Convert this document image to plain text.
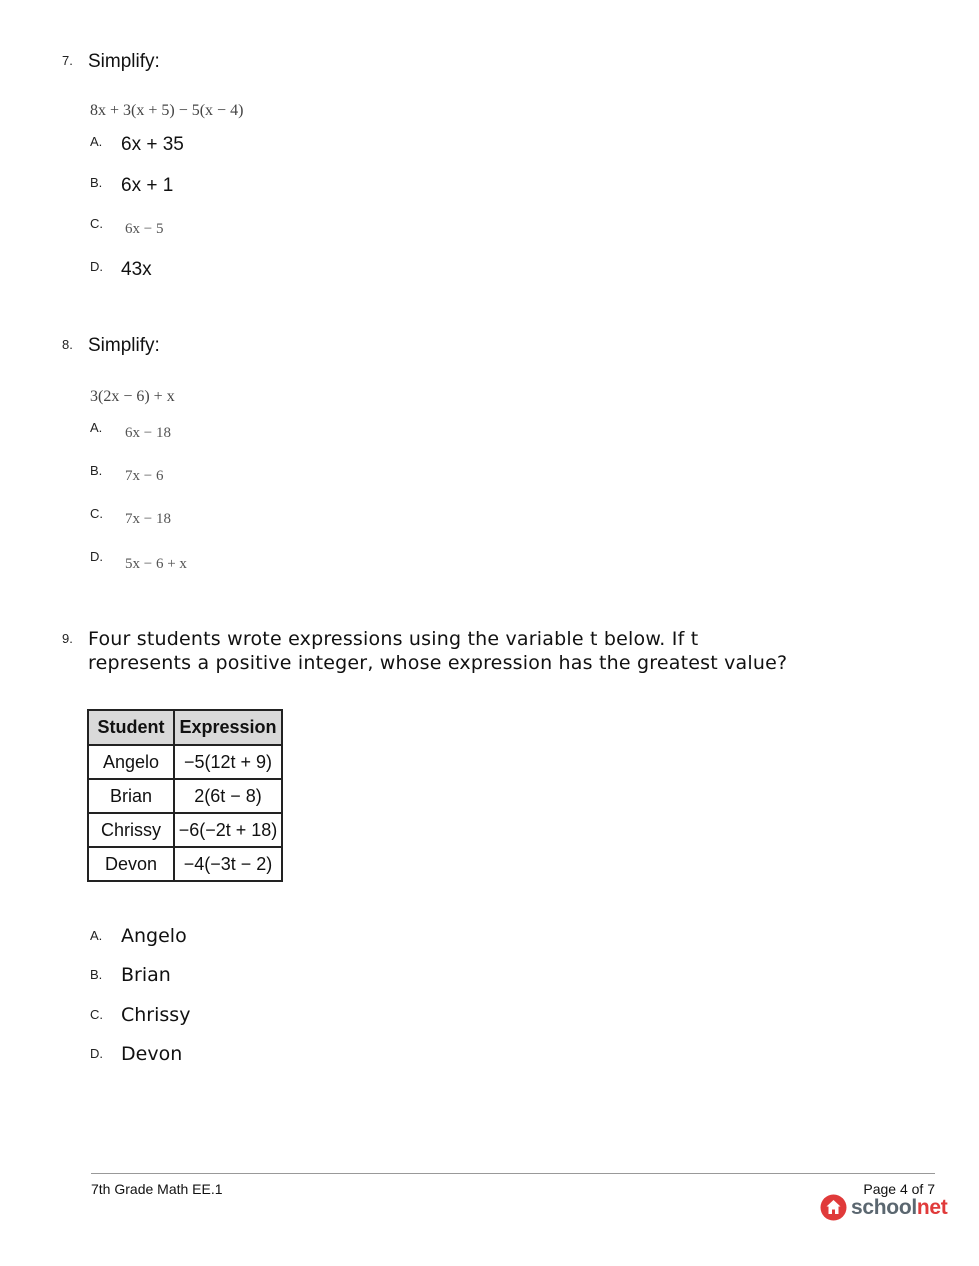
7. Simplify:
8x + 3(x + 5) − 5(x − 4)
A. 6x + 35
B. 6x + 1
C. 6x − 5
D. 43x
8. Simplify:
3(2x − 6) + x
A. 6x − 18
B. 7x − 6
C. 7x − 18
D. 5x − 6 + x
9. Four students wrote expressions using the variable t below. If t
represents a positive integer, whose expression has the greatest value?
Student	Expression
Angelo	−5(12t + 9)
Brian	2(6t − 8)
Chrissy	−6(−2t + 18)
Devon	−4(−3t − 2)
A. Angelo
B. Brian
C. Chrissy
D. Devon
7th Grade Math EE.1	Page 4 of 7
schoolnet
